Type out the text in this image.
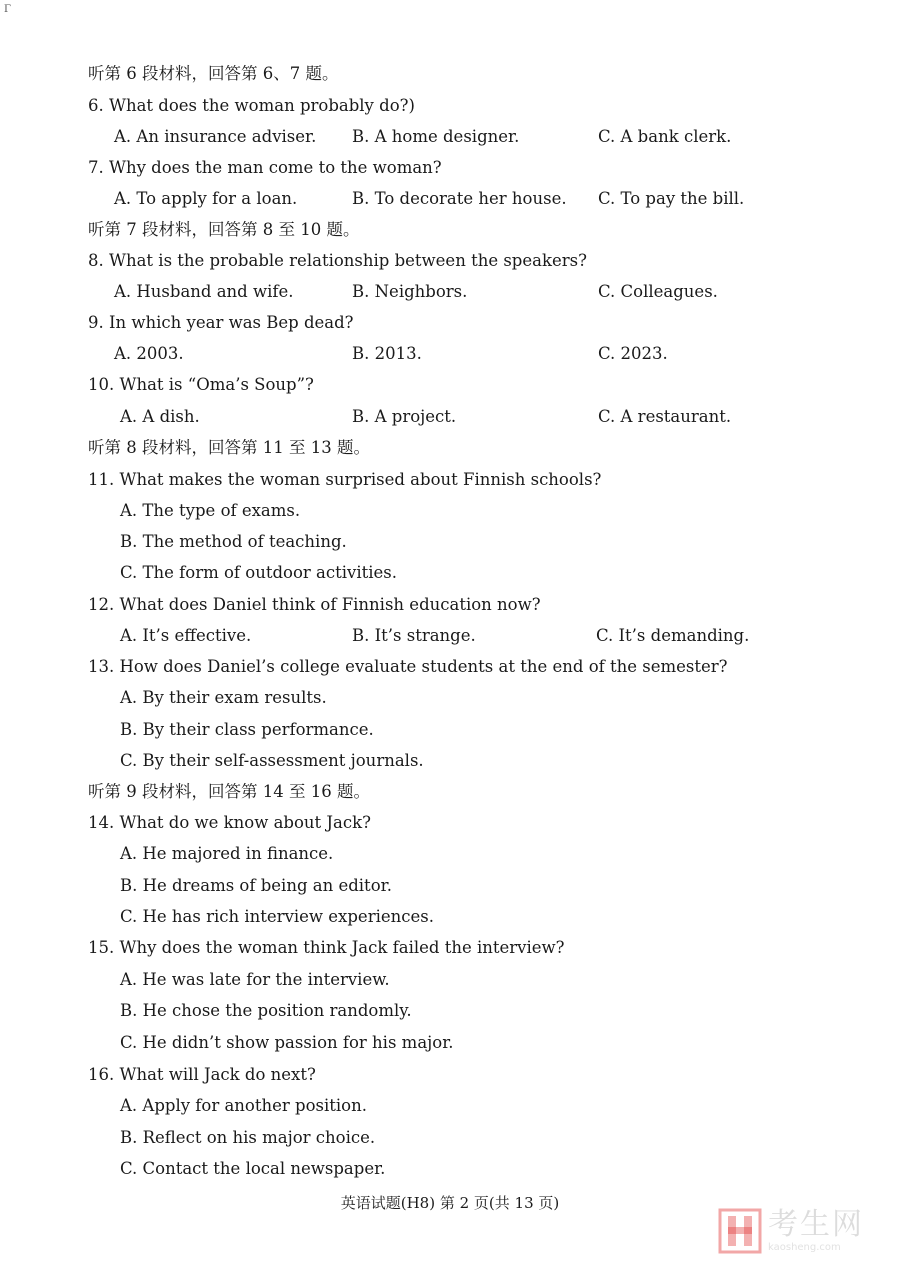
Γ
听第 6 段材料，回答第 6、7 题。
6. What does the woman probably do?)
A. An insurance adviser. B. A home designer.	C. A bank clerk.
7. Why does the man come to the woman?
A. To apply for a loan.	B. To decorate her house. C. To pay the bill.
听第 7 段材料，回答第 8 至 10 题。
8. What is the probable relationship between the speakers?
A. Husband and wife.	B. Neighbors.	C. Colleagues.
9. In which year was Bep dead?
A. 2003.	B. 2013.	C. 2023.
10. What is “Oma’s Soup”?
A. A dish.	B. A project.	C. A restaurant.
听第 8 段材料，回答第 11 至 13 题。
11. What makes the woman surprised about Finnish schools?
A. The type of exams.
B. The method of teaching.
C. The form of outdoor activities.
12. What does Daniel think of Finnish education now?
A. It’s effective.	B. It’s strange.	C. It’s demanding.
13. How does Daniel’s college evaluate students at the end of the semester?
A. By their exam results.
B. By their class performance.
C. By their self-assessment journals.
听第 9 段材料，回答第 14 至 16 题。
14. What do we know about Jack?
A. He majored in finance.
B. He dreams of being an editor.
C. He has rich interview experiences.
15. Why does the woman think Jack failed the interview?
A. He was late for the interview.
B. He chose the position randomly.
C. He didn’t show passion for his major.
16. What will Jack do next?
A. Apply for another position.
B. Reflect on his major choice.
C. Contact the local newspaper.
英语试题(H8) 第 2 页(共 13 页)
考生网
kaosheng.com
